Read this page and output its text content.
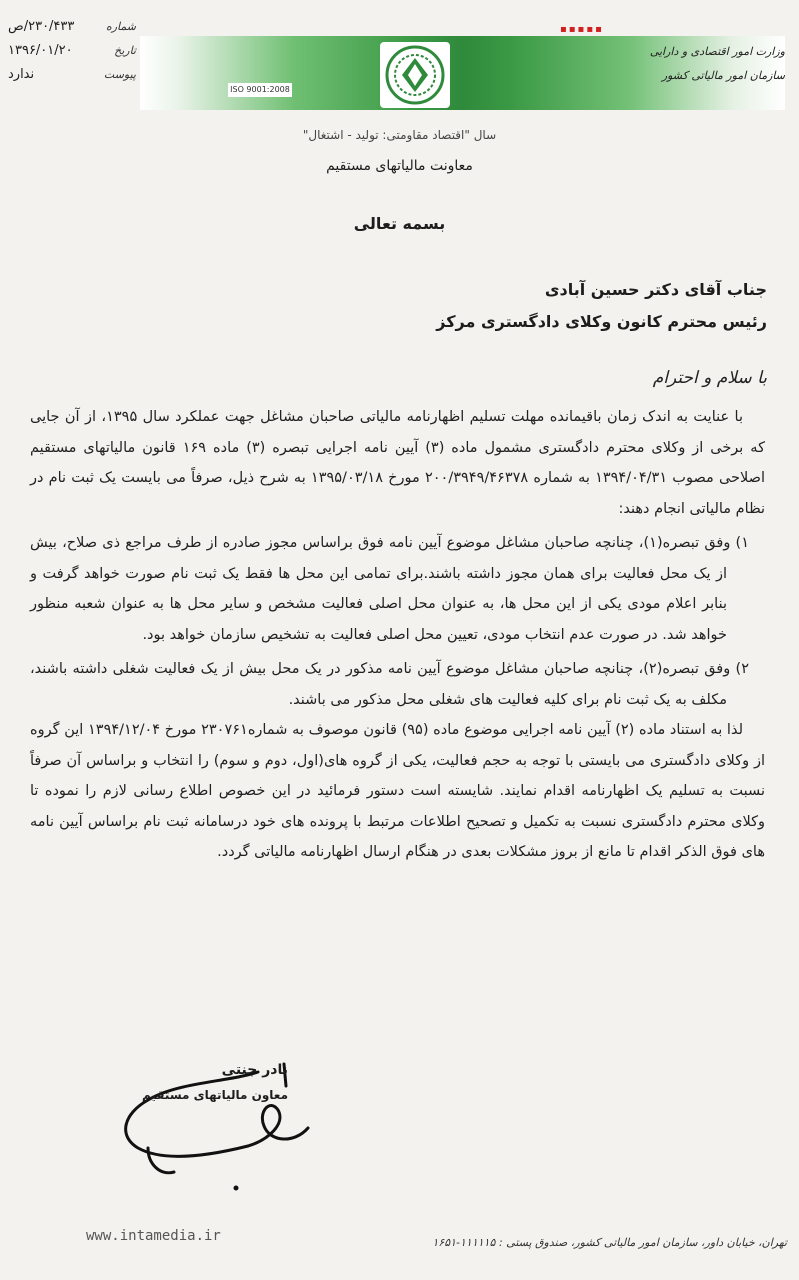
شماره
۲۳۰/۴۳۳/ص
تاریخ
۱۳۹۶/۰۱/۲۰
پیوست
ندارد
▪▪▪▪▪
ISO 9001:2008
وزارت امور اقتصادی و دارایی
سازمان امور مالیاتی کشور
سال "اقتصاد مقاومتی: تولید - اشتغال"
معاونت مالیاتهای مستقیم
بسمه تعالی
جناب آقای دکتر حسین آبادی
رئیس محترم کانون وکلای دادگستری مرکز
با سلام و احترام

با عنایت به اندک زمان باقیمانده مهلت تسلیم اظهارنامه مالیاتی صاحبان مشاغل جهت عملکرد سال ۱۳۹۵، از آن جایی که برخی از وکلای محترم دادگستری مشمول ماده (۳) آیین نامه اجرایی تبصره (۳) ماده ۱۶۹ قانون مالیاتهای مستقیم اصلاحی مصوب ۱۳۹۴/۰۴/۳۱ به شماره ۲۰۰/۳۹۴۹/۴۶۳۷۸ مورخ ۱۳۹۵/۰۳/۱۸ به شرح ذیل، صرفاً می بایست یک ثبت نام در نظام مالیاتی انجام دهند:

۱) وفق تبصره(۱)، چنانچه صاحبان مشاغل موضوع آیین نامه فوق براساس مجوز صادره از طرف مراجع ذی صلاح، بیش از یک محل فعالیت برای همان مجوز داشته باشند.برای تمامی این محل ها فقط یک ثبت نام صورت خواهد گرفت و بنابر اعلام مودی یکی از این محل ها، به عنوان محل اصلی فعالیت مشخص و سایر محل ها به عنوان شعبه منظور خواهد شد. در صورت عدم انتخاب مودی، تعیین محل اصلی فعالیت به تشخیص سازمان خواهد بود.

۲) وفق تبصره(۲)، چنانچه صاحبان مشاغل موضوع آیین نامه مذکور در یک محل بیش از یک فعالیت شغلی داشته باشند، مکلف به یک ثبت نام برای کلیه فعالیت های شغلی محل مذکور می باشند.

لذا به استناد ماده (۲) آیین نامه اجرایی موضوع ماده (۹۵) قانون موصوف به شماره۲۳۰۷۶۱ مورخ ۱۳۹۴/۱۲/۰۴ این گروه از وکلای دادگستری می بایستی با توجه به حجم فعالیت، یکی از گروه های(اول، دوم و سوم) را انتخاب و براساس آن صرفاً نسبت به تسلیم یک اظهارنامه اقدام نمایند. شایسته است دستور فرمائید در این خصوص اطلاع رسانی لازم را نموده تا وکلای محترم دادگستری نسبت به تکمیل و تصحیح اطلاعات مرتبط با پرونده های خود درسامانه ثبت نام براساس آیین نامه های فوق الذکر اقدام تا مانع از بروز مشکلات بعدی در هنگام ارسال اظهارنامه مالیاتی گردد.

نادر جنتی
معاون مالیاتهای مستقیم
تهران، خیابان داور، سازمان امور مالیاتی کشور، صندوق پستی : ۱۱۱۱۱۵-۱۶۵۱
www.intamedia.ir
